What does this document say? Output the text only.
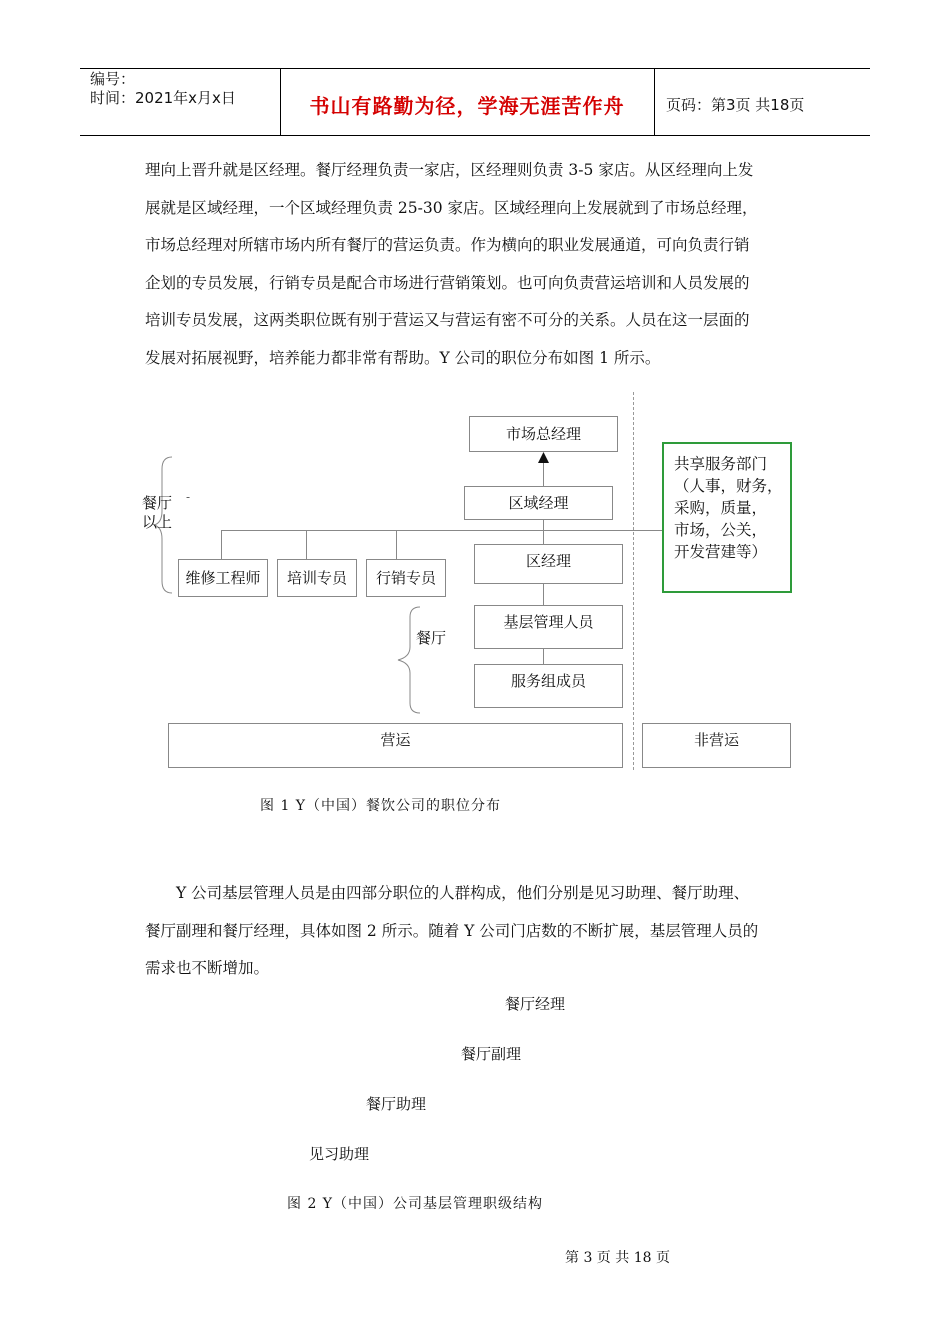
编号：
时间：2021年x月x日	书山有路勤为径，学海无涯苦作舟	页码：第3页 共18页

理向上晋升就是区经理。餐厅经理负责一家店，区经理则负责 3-5 家店。从区经理向上发

展就是区域经理，一个区域经理负责 25-30 家店。区域经理向上发展就到了市场总经理，

市场总经理对所辖市场内所有餐厅的营运负责。作为横向的职业发展通道，可向负责行销

企划的专员发展，行销专员是配合市场进行营销策划。也可向负责营运培训和人员发展的

培训专员发展，这两类职位既有别于营运又与营运有密不可分的关系。人员在这一层面的

发展对拓展视野，培养能力都非常有帮助。Y 公司的职位分布如图 1 所示。

餐厅
以上
-
餐厅
市场总经理
区域经理
区经理
基层管理人员
服务组成员
维修工程师	培训专员	行销专员
共享服务部门
（人事，财务，
采购，质量，
市场，公关，
开发营建等）
营运	非营运
图 1 Y（中国）餐饮公司的职位分布

Y 公司基层管理人员是由四部分职位的人群构成，他们分别是见习助理、餐厅助理、

餐厅副理和餐厅经理，具体如图 2 所示。随着 Y 公司门店数的不断扩展，基层管理人员的

需求也不断增加。

餐厅经理
餐厅副理
餐厅助理
见习助理
图 2 Y（中国）公司基层管理职级结构
第 3 页 共 18 页
